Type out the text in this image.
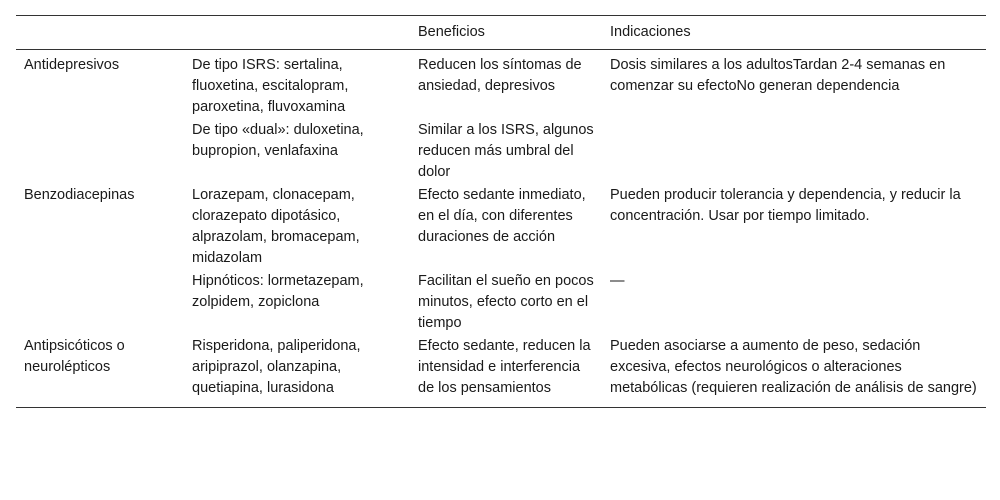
		Beneficios	Indicaciones
Antidepresivos	De tipo ISRS: sertalina, fluoxetina, escitalopram, paroxetina, fluvoxamina	Reducen los síntomas de ansiedad, depresivos	Dosis similares a los adultosTardan 2-4 semanas en comenzar su efectoNo generan dependencia
	De tipo «dual»: duloxetina, bupropion, venlafaxina	Similar a los ISRS, algunos reducen más umbral del dolor	
Benzodiacepinas	Lorazepam, clonacepam, clorazepato dipotásico, alprazolam, bromacepam, midazolam	Efecto sedante inmediato, en el día, con diferentes duraciones de acción	Pueden producir tolerancia y dependencia, y reducir la concentración. Usar por tiempo limitado.
	Hipnóticos: lormetazepam, zolpidem, zopiclona	Facilitan el sueño en pocos minutos, efecto corto en el tiempo	—
Antipsicóticos o neurolépticos	Risperidona, paliperidona, aripiprazol, olanzapina, quetiapina, lurasidona	Efecto sedante, reducen la intensidad e interferencia de los pensamientos	Pueden asociarse a aumento de peso, sedación excesiva, efectos neurológicos o alteraciones metabólicas (requieren realización de análisis de sangre)
